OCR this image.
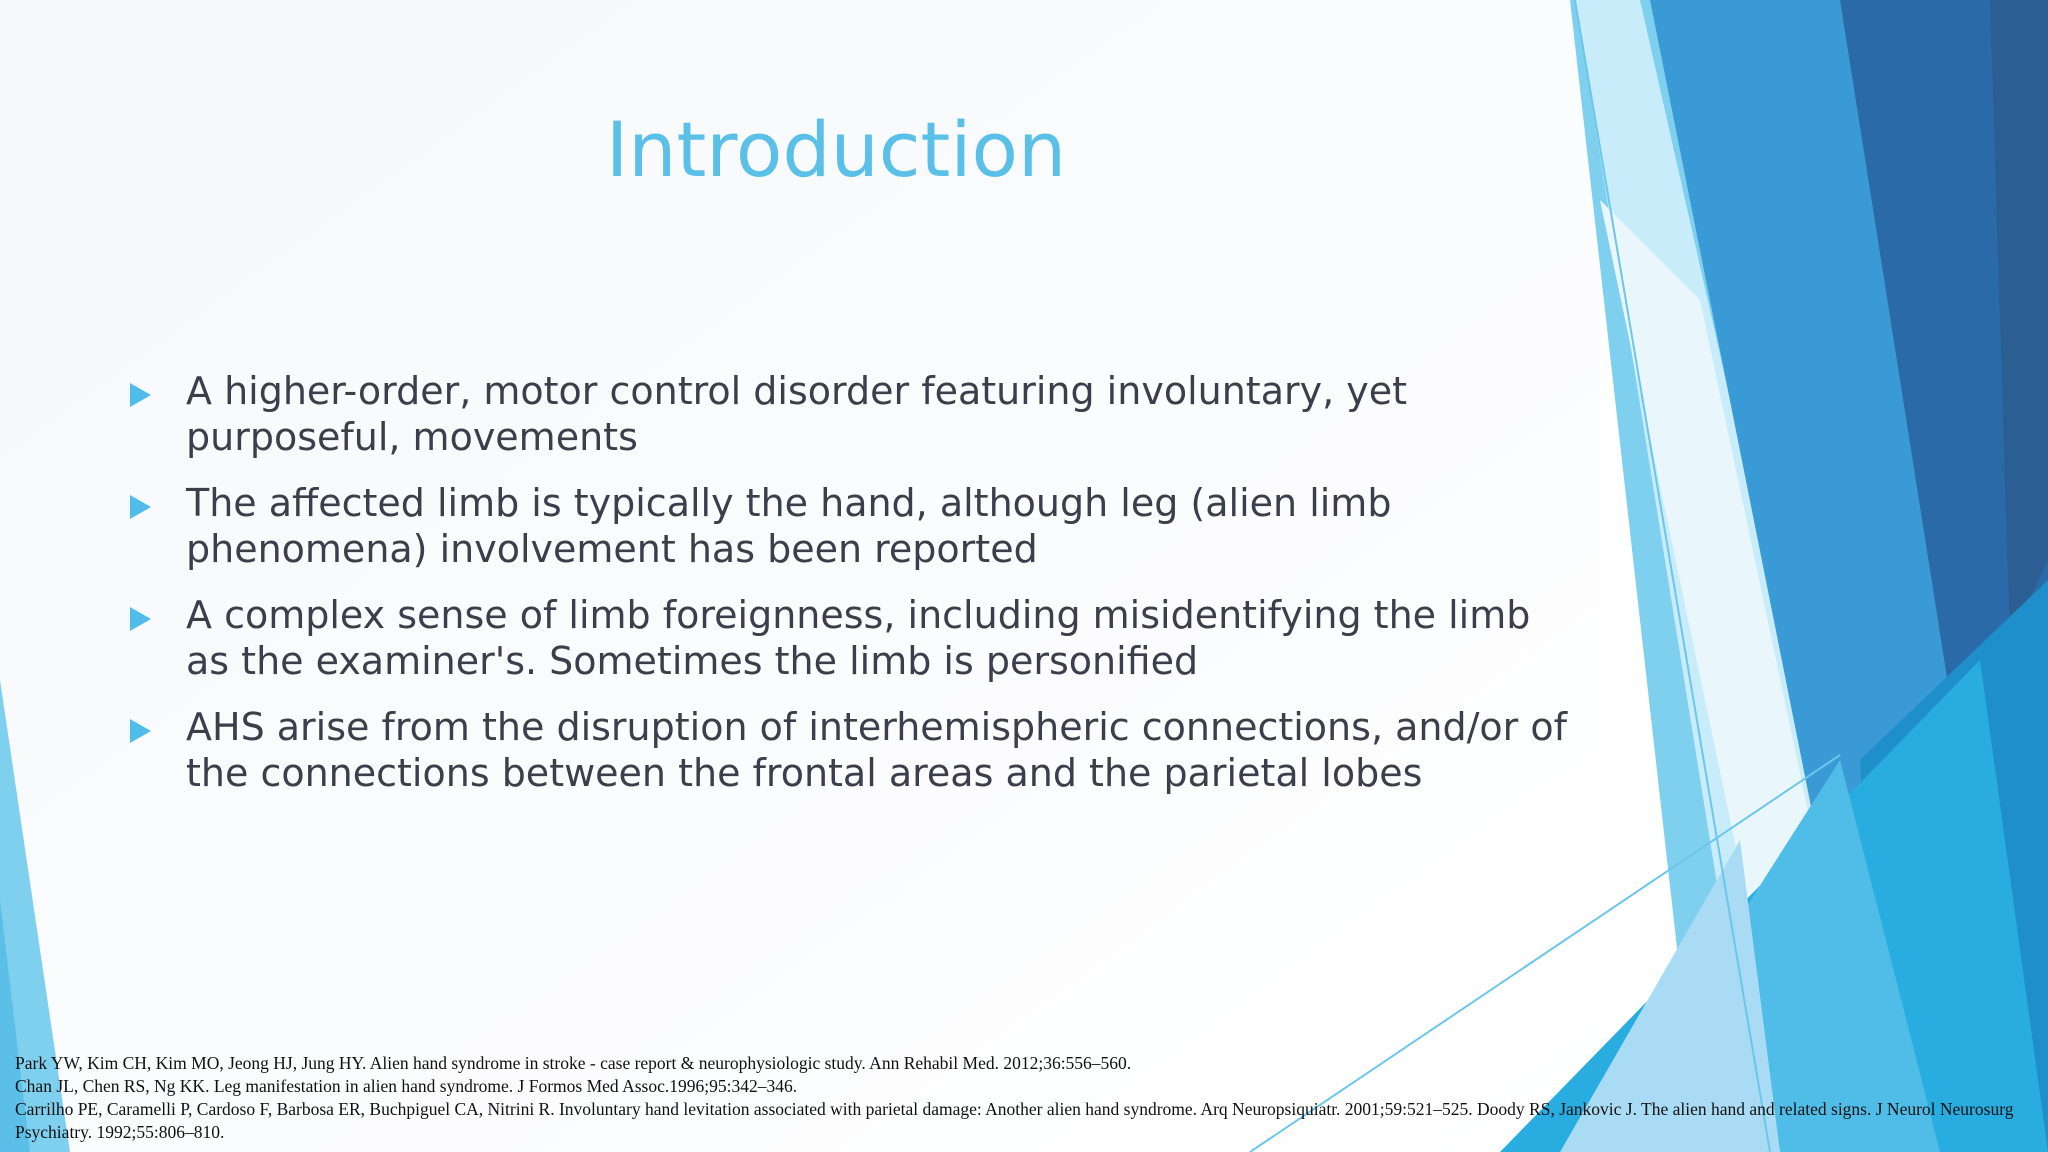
Introduction
A higher-order, motor control disorder featuring involuntary, yet purposeful, movements
The affected limb is typically the hand, although leg (alien limb phenomena) involvement has been reported
A complex sense of limb foreignness, including misidentifying the limb as the examiner's. Sometimes the limb is personified
AHS arise from the disruption of interhemispheric connections, and/or of the connections between the frontal areas and the parietal lobes
Park YW, Kim CH, Kim MO, Jeong HJ, Jung HY. Alien hand syndrome in stroke - case report & neurophysiologic study. Ann Rehabil Med. 2012;36:556–560.
Chan JL, Chen RS, Ng KK. Leg manifestation in alien hand syndrome. J Formos Med Assoc.1996;95:342–346.
Carrilho PE, Caramelli P, Cardoso F, Barbosa ER, Buchpiguel CA, Nitrini R. Involuntary hand levitation associated with parietal damage: Another alien hand syndrome. Arq Neuropsiquiatr. 2001;59:521–525. Doody RS, Jankovic J. The alien hand and related signs. J Neurol Neurosurg Psychiatry. 1992;55:806–810.
